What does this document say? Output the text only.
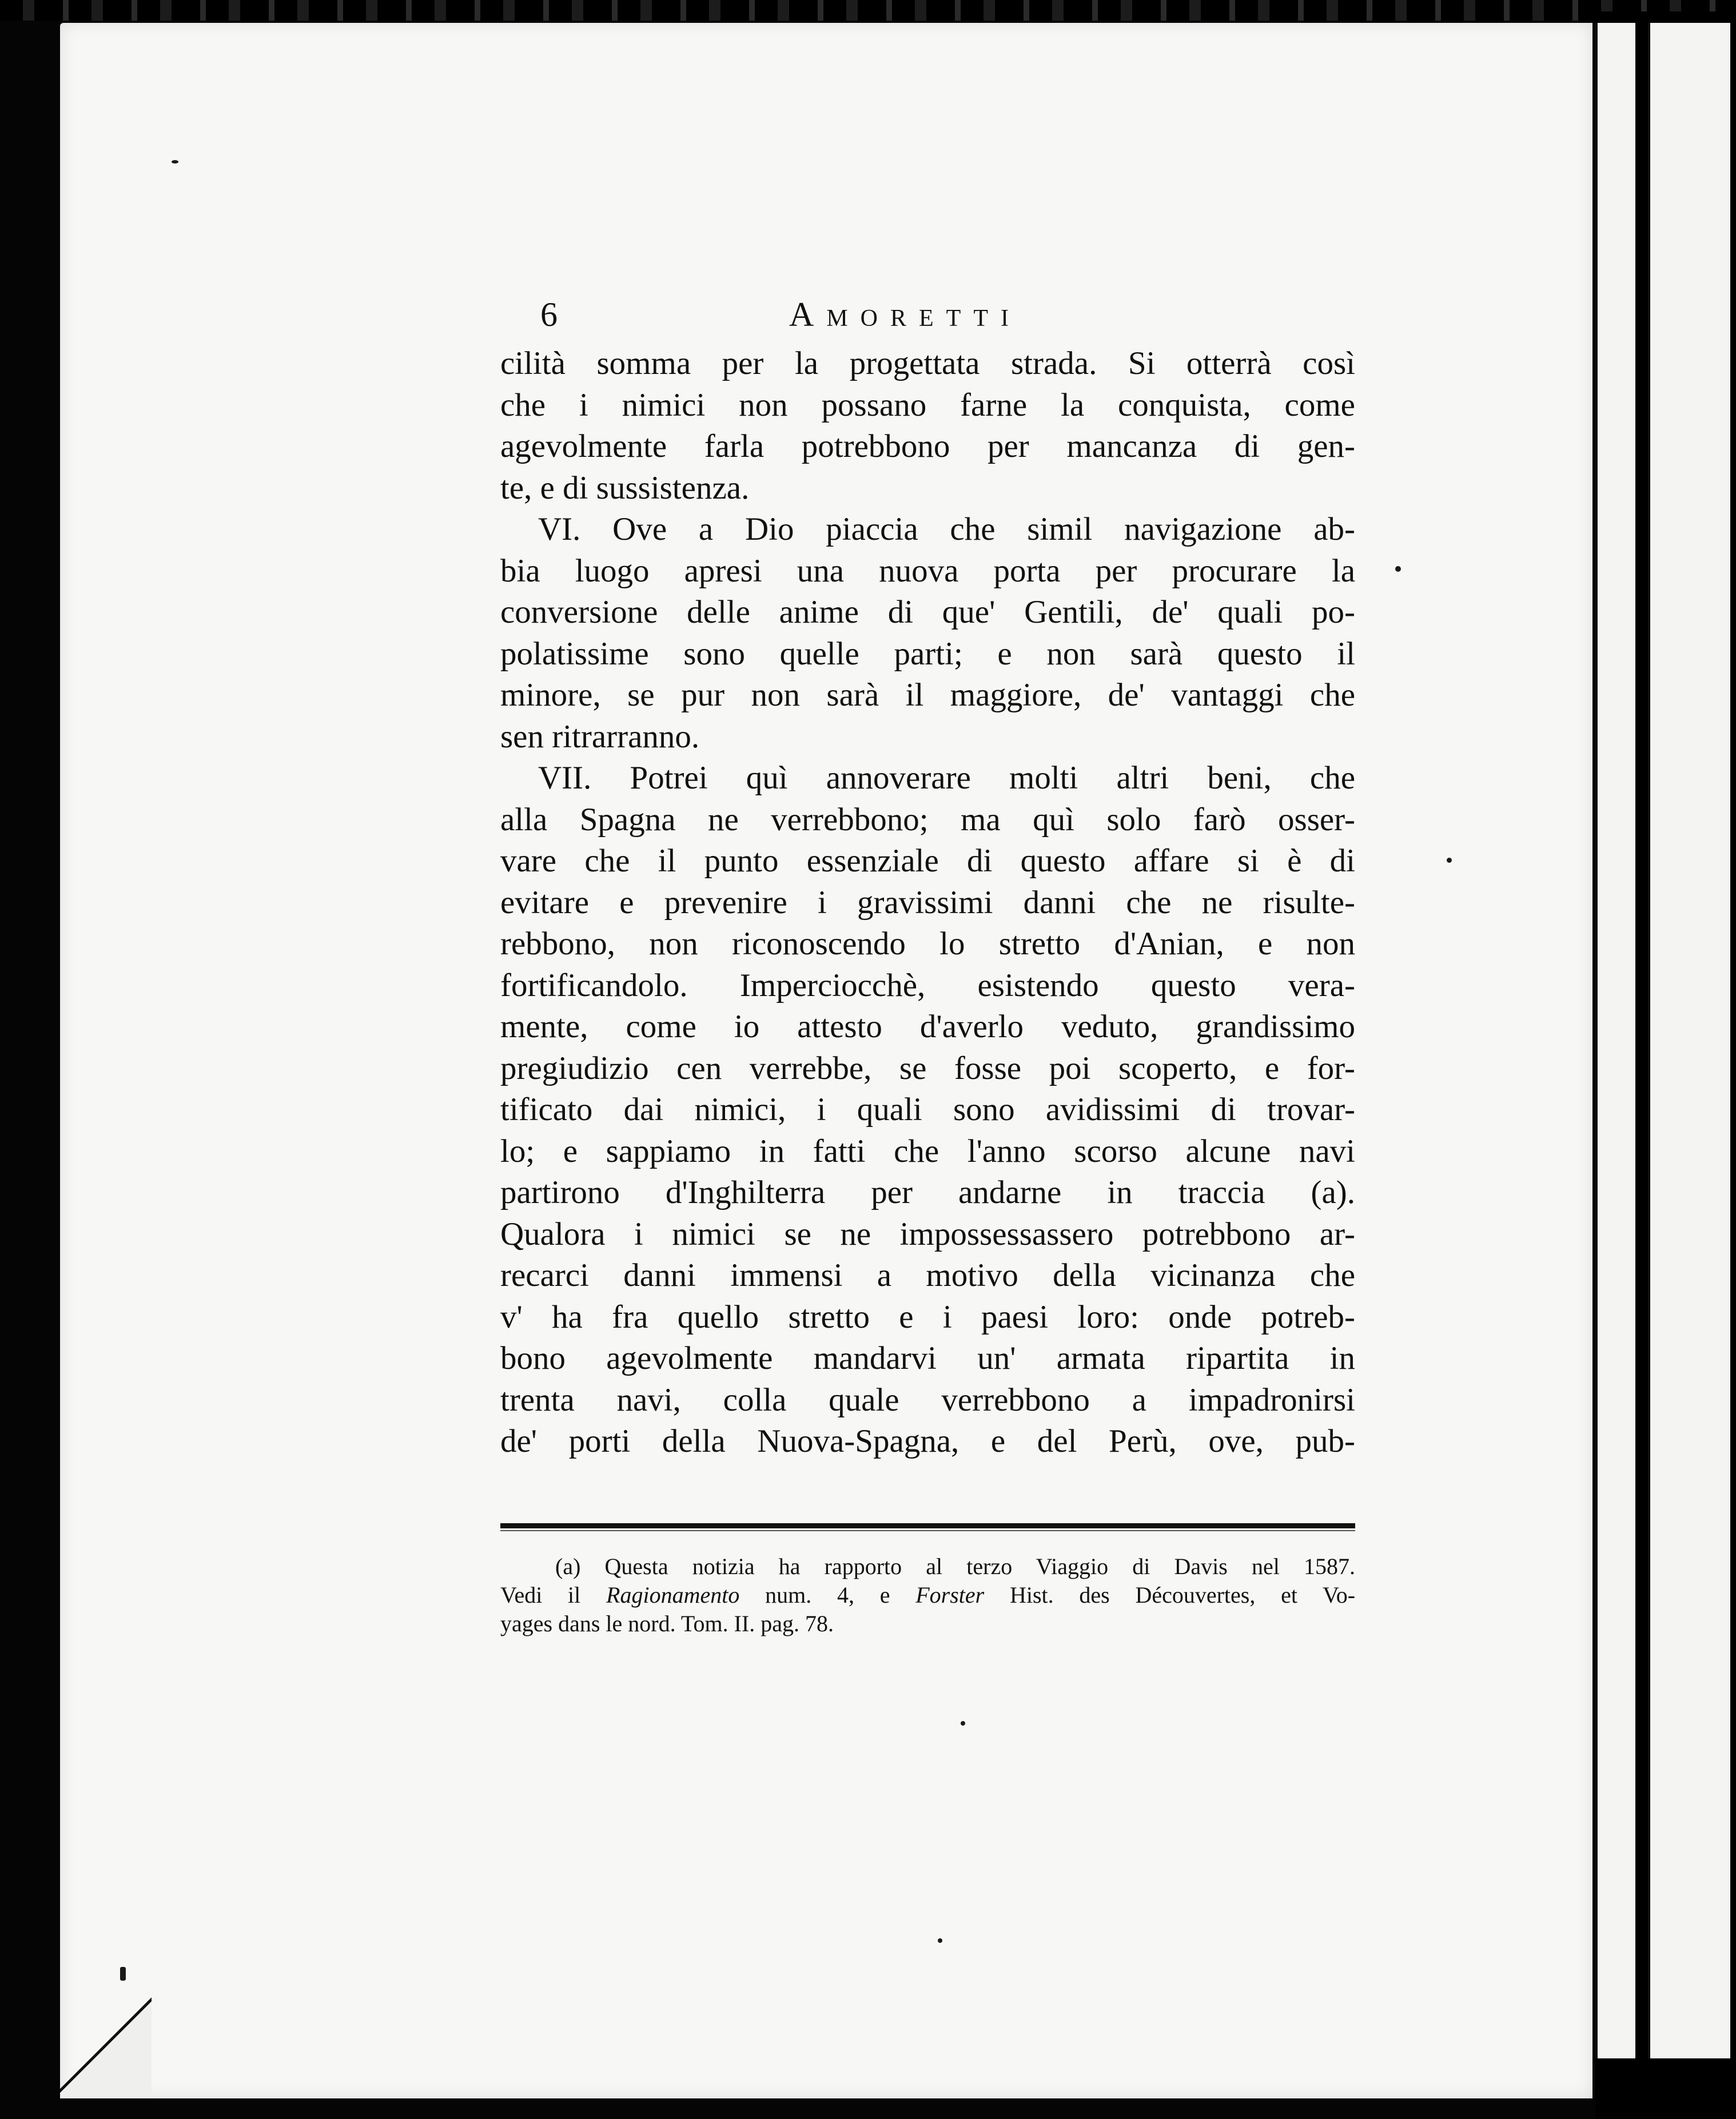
6	Amoretti
cilità somma per la progettata strada. Si otterrà così
che i nimici non possano farne la conquista, come
agevolmente farla potrebbono per mancanza di gen-
te, e di sussistenza.
VI. Ove a Dio piaccia che simil navigazione ab-
bia luogo apresi una nuova porta per procurare la
conversione delle anime di que' Gentili, de' quali po-
polatissime sono quelle parti; e non sarà questo il
minore, se pur non sarà il maggiore, de' vantaggi che
sen ritrarranno.
VII. Potrei quì annoverare molti altri beni, che
alla Spagna ne verrebbono; ma quì solo farò osser-
vare che il punto essenziale di questo affare si è di
evitare e prevenire i gravissimi danni che ne risulte-
rebbono, non riconoscendo lo stretto d'Anian, e non
fortificandolo. Imperciocchè, esistendo questo vera-
mente, come io attesto d'averlo veduto, grandissimo
pregiudizio cen verrebbe, se fosse poi scoperto, e for-
tificato dai nimici, i quali sono avidissimi di trovar-
lo; e sappiamo in fatti che l'anno scorso alcune navi
partirono d'Inghilterra per andarne in traccia (a).
Qualora i nimici se ne impossessassero potrebbono ar-
recarci danni immensi a motivo della vicinanza che
v' ha fra quello stretto e i paesi loro: onde potreb-
bono agevolmente mandarvi un' armata ripartita in
trenta navi, colla quale verrebbono a impadronirsi
de' porti della Nuova-Spagna, e del Perù, ove, pub-
(a) Questa notizia ha rapporto al terzo Viaggio di Davis nel 1587.
Vedi il Ragionamento num. 4, e Forster Hist. des Découvertes, et Vo-
yages dans le nord. Tom. II. pag. 78.
